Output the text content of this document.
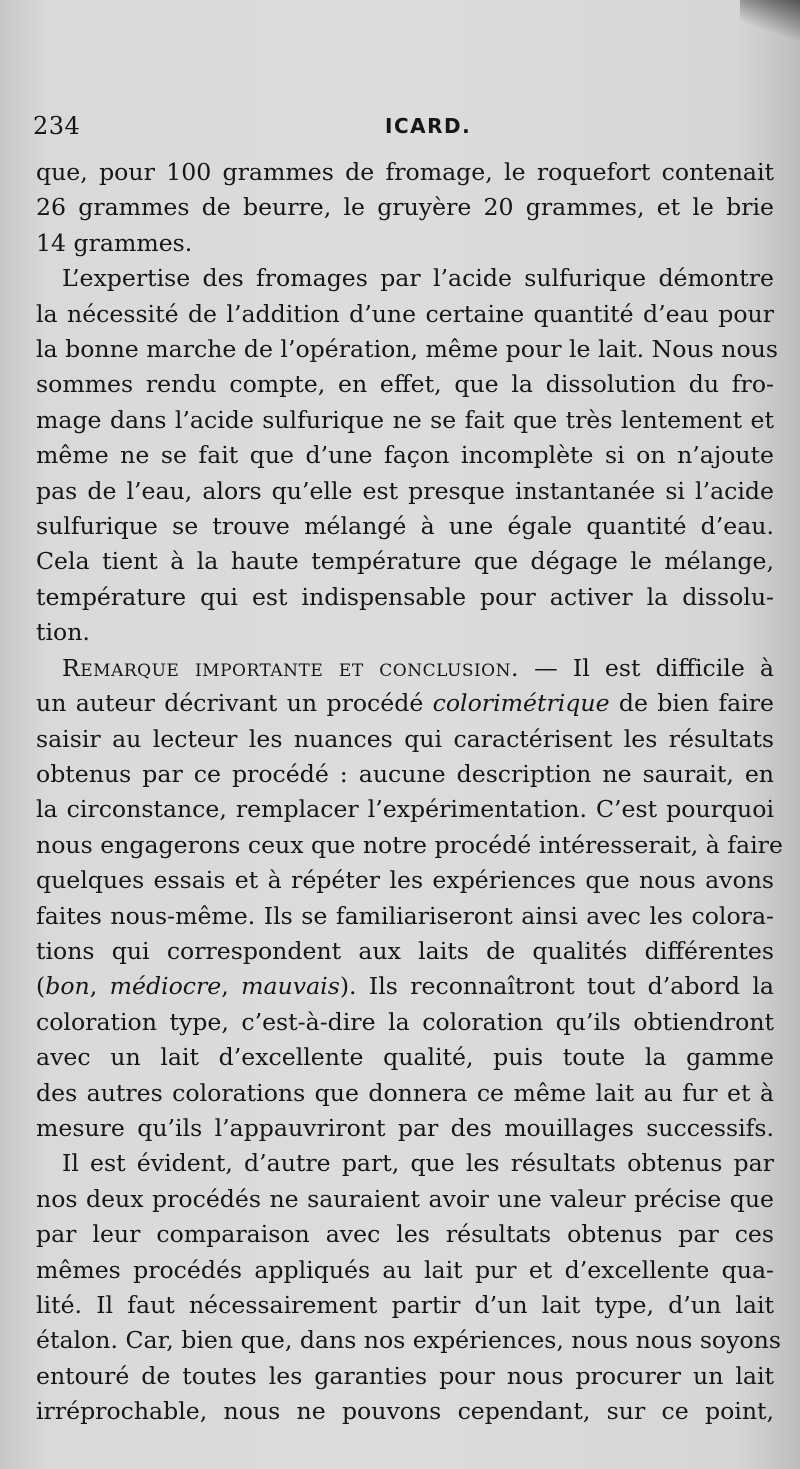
234	ICARD.
que, pour 100 grammes de fromage, le roquefort contenait
26 grammes de beurre, le gruyère 20 grammes, et le brie
14 grammes.
L’expertise des fromages par l’acide sulfurique démontre
la nécessité de l’addition d’une certaine quantité d’eau pour
la bonne marche de l’opération, même pour le lait. Nous nous
sommes rendu compte, en effet, que la dissolution du fro-
mage dans l’acide sulfurique ne se fait que très lentement et
même ne se fait que d’une façon incomplète si on n’ajoute
pas de l’eau, alors qu’elle est presque instantanée si l’acide
sulfurique se trouve mélangé à une égale quantité d’eau.
Cela tient à la haute température que dégage le mélange,
température qui est indispensable pour activer la dissolu-
tion.
Remarque importante et conclusion. — Il est difficile à
un auteur décrivant un procédé colorimétrique de bien faire
saisir au lecteur les nuances qui caractérisent les résultats
obtenus par ce procédé : aucune description ne saurait, en
la circonstance, remplacer l’expérimentation. C’est pourquoi
nous engagerons ceux que notre procédé intéresserait, à faire
quelques essais et à répéter les expériences que nous avons
faites nous-même. Ils se familiariseront ainsi avec les colora-
tions qui correspondent aux laits de qualités différentes
(bon, médiocre, mauvais). Ils reconnaîtront tout d’abord la
coloration type, c’est-à-dire la coloration qu’ils obtiendront
avec un lait d’excellente qualité, puis toute la gamme
des autres colorations que donnera ce même lait au fur et à
mesure qu’ils l’appauvriront par des mouillages successifs.
Il est évident, d’autre part, que les résultats obtenus par
nos deux procédés ne sauraient avoir une valeur précise que
par leur comparaison avec les résultats obtenus par ces
mêmes procédés appliqués au lait pur et d’excellente qua-
lité. Il faut nécessairement partir d’un lait type, d’un lait
étalon. Car, bien que, dans nos expériences, nous nous soyons
entouré de toutes les garanties pour nous procurer un lait
irréprochable, nous ne pouvons cependant, sur ce point,
